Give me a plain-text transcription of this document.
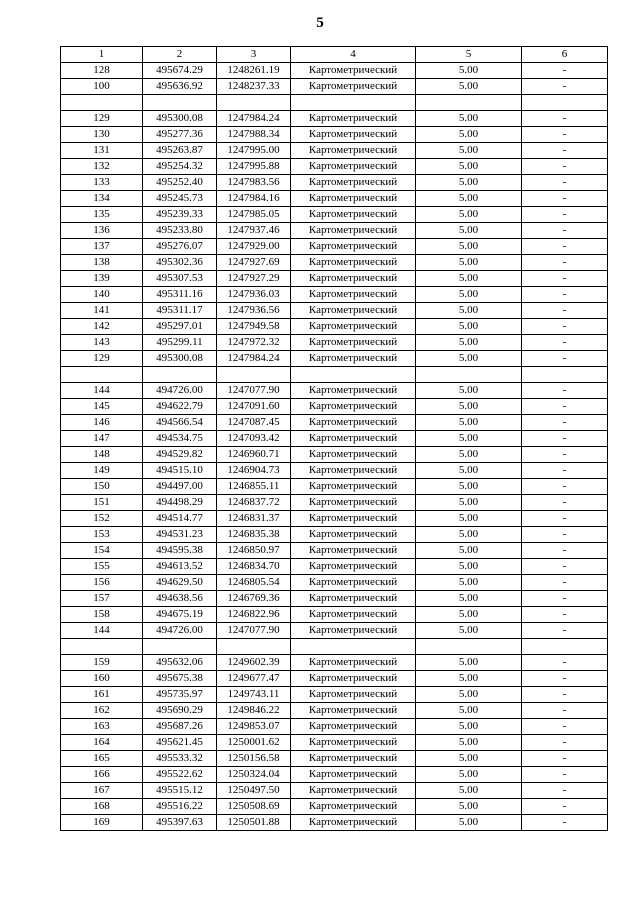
5
1	2	3	4	5	6
128	495674.29	1248261.19	Картометрический	5.00	-
100	495636.92	1248237.33	Картометрический	5.00	-

129	495300.08	1247984.24	Картометрический	5.00	-
130	495277.36	1247988.34	Картометрический	5.00	-
131	495263.87	1247995.00	Картометрический	5.00	-
132	495254.32	1247995.88	Картометрический	5.00	-
133	495252.40	1247983.56	Картометрический	5.00	-
134	495245.73	1247984.16	Картометрический	5.00	-
135	495239.33	1247985.05	Картометрический	5.00	-
136	495233.80	1247937.46	Картометрический	5.00	-
137	495276.07	1247929.00	Картометрический	5.00	-
138	495302.36	1247927.69	Картометрический	5.00	-
139	495307.53	1247927.29	Картометрический	5.00	-
140	495311.16	1247936.03	Картометрический	5.00	-
141	495311.17	1247936.56	Картометрический	5.00	-
142	495297.01	1247949.58	Картометрический	5.00	-
143	495299.11	1247972.32	Картометрический	5.00	-
129	495300.08	1247984.24	Картометрический	5.00	-

144	494726.00	1247077.90	Картометрический	5.00	-
145	494622.79	1247091.60	Картометрический	5.00	-
146	494566.54	1247087.45	Картометрический	5.00	-
147	494534.75	1247093.42	Картометрический	5.00	-
148	494529.82	1246960.71	Картометрический	5.00	-
149	494515.10	1246904.73	Картометрический	5.00	-
150	494497.00	1246855.11	Картометрический	5.00	-
151	494498.29	1246837.72	Картометрический	5.00	-
152	494514.77	1246831.37	Картометрический	5.00	-
153	494531.23	1246835.38	Картометрический	5.00	-
154	494595.38	1246850.97	Картометрический	5.00	-
155	494613.52	1246834.70	Картометрический	5.00	-
156	494629.50	1246805.54	Картометрический	5.00	-
157	494638.56	1246769.36	Картометрический	5.00	-
158	494675.19	1246822.96	Картометрический	5.00	-
144	494726.00	1247077.90	Картометрический	5.00	-

159	495632.06	1249602.39	Картометрический	5.00	-
160	495675.38	1249677.47	Картометрический	5.00	-
161	495735.97	1249743.11	Картометрический	5.00	-
162	495690.29	1249846.22	Картометрический	5.00	-
163	495687.26	1249853.07	Картометрический	5.00	-
164	495621.45	1250001.62	Картометрический	5.00	-
165	495533.32	1250156.58	Картометрический	5.00	-
166	495522.62	1250324.04	Картометрический	5.00	-
167	495515.12	1250497.50	Картометрический	5.00	-
168	495516.22	1250508.69	Картометрический	5.00	-
169	495397.63	1250501.88	Картометрический	5.00	-
